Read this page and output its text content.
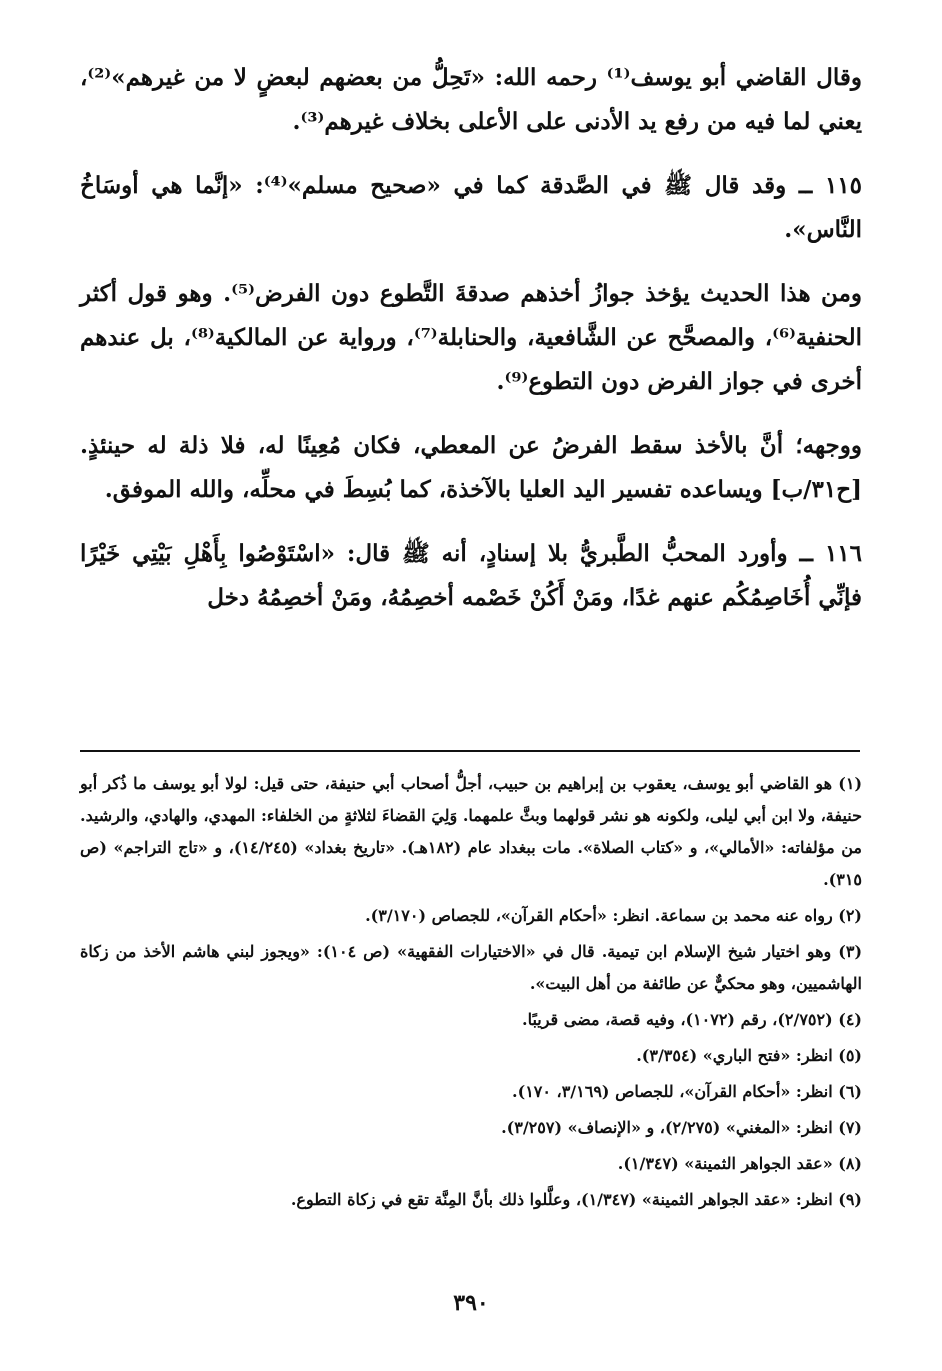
وقال القاضي أبو يوسف⁽¹⁾ رحمه الله: «تَحِلُّ من بعضهم لبعضٍ لا من غيرهم»⁽²⁾، يعني لما فيه من رفع يد الأدنى على الأعلى بخلاف غيرهم⁽³⁾.

١١٥ ــ وقد قال ﷺ في الصَّدقة كما في «صحيح مسلم»⁽⁴⁾: «إنَّما هي أوسَاخُ النَّاس».

ومن هذا الحديث يؤخذ جوازُ أخذهم صدقةَ التَّطوع دون الفرض⁽⁵⁾. وهو قول أكثر الحنفية⁽⁶⁾، والمصحَّح عن الشَّافعية، والحنابلة⁽⁷⁾، ورواية عن المالكية⁽⁸⁾، بل عندهم أخرى في جواز الفرض دون التطوع⁽⁹⁾.

ووجهه؛ أنَّ بالأخذ سقط الفرضُ عن المعطي، فكان مُعِينًا له، فلا ذلة له حينئذٍ. [ح٣١/ب] ويساعده تفسير اليد العليا بالآخذة، كما بُسِطَ في محلِّه، والله الموفق.

١١٦ ــ وأورد المحبُّ الطَّبريُّ بلا إسنادٍ، أنه ﷺ قال: «اسْتَوْصُوا بِأَهْلِ بَيْتِي خَيْرًا فإنِّي أُخَاصِمُكُم عنهم غدًا، ومَنْ أَكُنْ خَصْمه أخصِمُهُ، ومَنْ أخصِمُهُ دخل

(١) هو القاضي أبو يوسف، يعقوب بن إبراهيم بن حبيب، أجلُّ أصحاب أبي حنيفة، حتى قيل: لولا أبو يوسف ما ذُكر أبو حنيفة، ولا ابن أبي ليلى، ولكونه هو نشر قولهما وبثَّ علمهما. وَلِيَ القضاءَ لثلاثةٍ من الخلفاء: المهدي، والهادي، والرشيد. من مؤلفاته: «الأمالي»، و «كتاب الصلاة». مات ببغداد عام (١٨٢هـ). «تاريخ بغداد» (١٤/٢٤٥)، و «تاج التراجم» (ص ٣١٥).

(٢) رواه عنه محمد بن سماعة. انظر: «أحكام القرآن»، للجصاص (٣/١٧٠).

(٣) وهو اختيار شيخ الإسلام ابن تيمية. قال في «الاختيارات الفقهية» (ص ١٠٤): «ويجوز لبني هاشم الأخذ من زكاة الهاشميين، وهو محكيٌّ عن طائفة من أهل البيت».

(٤) (٢/٧٥٢)، رقم (١٠٧٢)، وفيه قصة، مضى قريبًا.

(٥) انظر: «فتح الباري» (٣/٣٥٤).

(٦) انظر: «أحكام القرآن»، للجصاص (٣/١٦٩، ١٧٠).

(٧) انظر: «المغني» (٢/٢٧٥)، و «الإنصاف» (٣/٢٥٧).

(٨) «عقد الجواهر الثمينة» (١/٣٤٧).

(٩) انظر: «عقد الجواهر الثمينة» (١/٣٤٧)، وعلَّلوا ذلك بأنَّ المِنَّة تقع في زكاة التطوع.

٣٩٠
